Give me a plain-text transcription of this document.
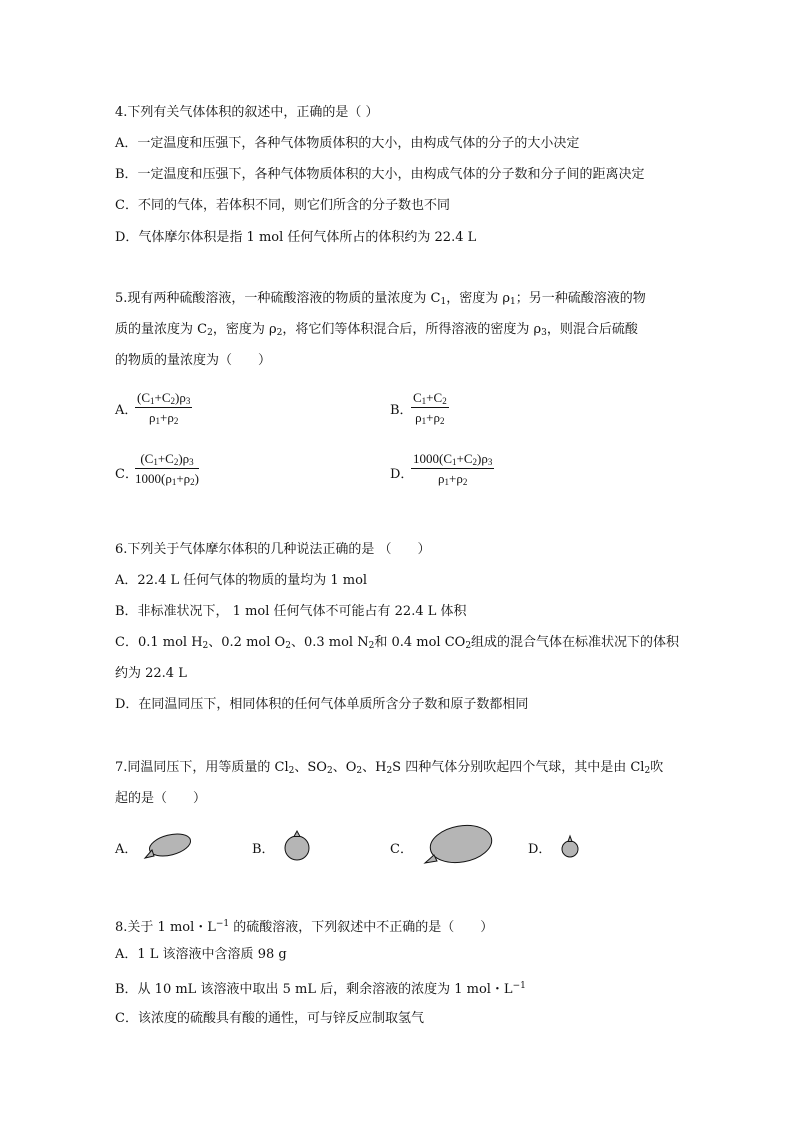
4.下列有关气体体积的叙述中，正确的是（ ）
A．一定温度和压强下，各种气体物质体积的大小，由构成气体的分子的大小决定
B．一定温度和压强下，各种气体物质体积的大小，由构成气体的分子数和分子间的距离决定
C．不同的气体，若体积不同，则它们所含的分子数也不同
D．气体摩尔体积是指 1 mol 任何气体所占的体积约为 22.4 L
5.现有两种硫酸溶液，一种硫酸溶液的物质的量浓度为 $C_1$，密度为 $\rho_1$；另一种硫酸溶液的物
质的量浓度为 $C_2$，密度为 $\rho_2$，将它们等体积混合后，所得溶液的密度为 $\rho_3$，则混合后硫酸
的物质的量浓度为（　　）
A．
$\frac{(C_1+C_2)\rho_3}{\rho_1+\rho_2}$	B．
$\frac{C_1+C_2}{\rho_1+\rho_2}$
C．
$\frac{(C_1+C_2)\rho_3}{1000(\rho_1+\rho_2)}$	D．
$\frac{1000(C_1+C_2)\rho_3}{\rho_1+\rho_2}$
6.下列关于气体摩尔体积的几种说法正确的是 （　　）
A．22.4 L 任何气体的物质的量均为 1 mol
B．非标准状况下， 1 mol 任何气体不可能占有 22.4 L 体积
C．0.1 mol $H_2$、0.2 mol $O_2$、0.3 mol $N_2$和 0.4 mol $CO_2$组成的混合气体在标准状况下的体积
约为 22.4 L
D．在同温同压下，相同体积的任何气体单质所含分子数和原子数都相同
7.同温同压下，用等质量的 $Cl_2$、$SO_2$、$O_2$、$H_2S$ 四种气体分别吹起四个气球，其中是由 $Cl_2$吹
起的是（　　）
A．	B．	C．	D．
8.关于 1 mol・$L^{-1}$ 的硫酸溶液，下列叙述中不正确的是（　　）
A．1 L 该溶液中含溶质 98 g
B．从 10 mL 该溶液中取出 5 mL 后，剩余溶液的浓度为 1 mol・$L^{-1}$
C．该浓度的硫酸具有酸的通性，可与锌反应制取氢气
